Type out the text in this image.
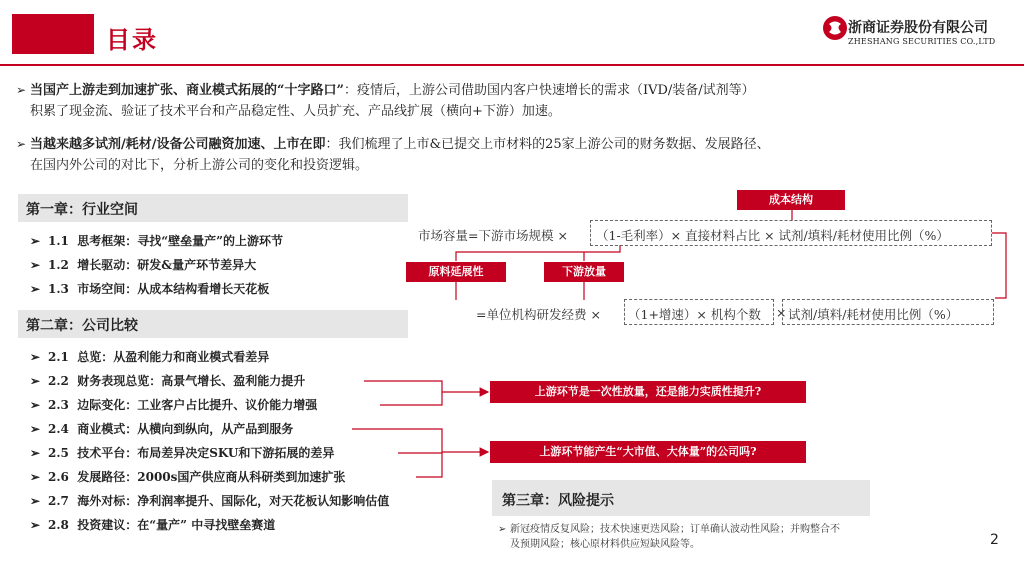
目录	浙商证券股份有限公司
ZHESHANG SECURITIES CO.,LTD
➢ 当国产上游走到加速扩张、商业模式拓展的“十字路口”：疫情后，上游公司借助国内客户快速增长的需求（IVD/装备/试剂等）
积累了现金流、验证了技术平台和产品稳定性、人员扩充、产品线扩展（横向+下游）加速。
➢ 当越来越多试剂/耗材/设备公司融资加速、上市在即：我们梳理了上市&已提交上市材料的25家上游公司的财务数据、发展路径、
在国内外公司的对比下，分析上游公司的变化和投资逻辑。
第一章：行业空间
➢ 1.1 思考框架：寻找“壁垒量产”的上游环节
➢ 1.2 增长驱动：研发&量产环节差异大
➢ 1.3 市场空间：从成本结构看增长天花板
第二章：公司比较
➢ 2.1 总览：从盈利能力和商业模式看差异
➢ 2.2 财务表现总览：高景气增长、盈利能力提升
➢ 2.3 边际变化：工业客户占比提升、议价能力增强
➢ 2.4 商业模式：从横向到纵向，从产品到服务
➢ 2.5 技术平台：布局差异决定SKU和下游拓展的差异
➢ 2.6 发展路径：2000s国产供应商从科研类到加速扩张
➢ 2.7 海外对标：净利润率提升、国际化，对天花板认知影响估值
➢ 2.8 投资建议：在“量产” 中寻找壁垒赛道
第三章：风险提示
➢ 新冠疫情反复风险；技术快速更迭风险；订单确认波动性风险；并购整合不及预期风险；核心原材料供应短缺风险等。
成本结构
市场容量=下游市场规模 × （1-毛利率）× 直接材料占比 × 试剂/填料/耗材使用比例（%）
原料延展性	下游放量
=单位机构研发经费 × （1+增速）× 机构个数 × 试剂/填料/耗材使用比例（%）
上游环节是一次性放量，还是能力实质性提升?
上游环节能产生“大市值、大体量”的公司吗?
2
